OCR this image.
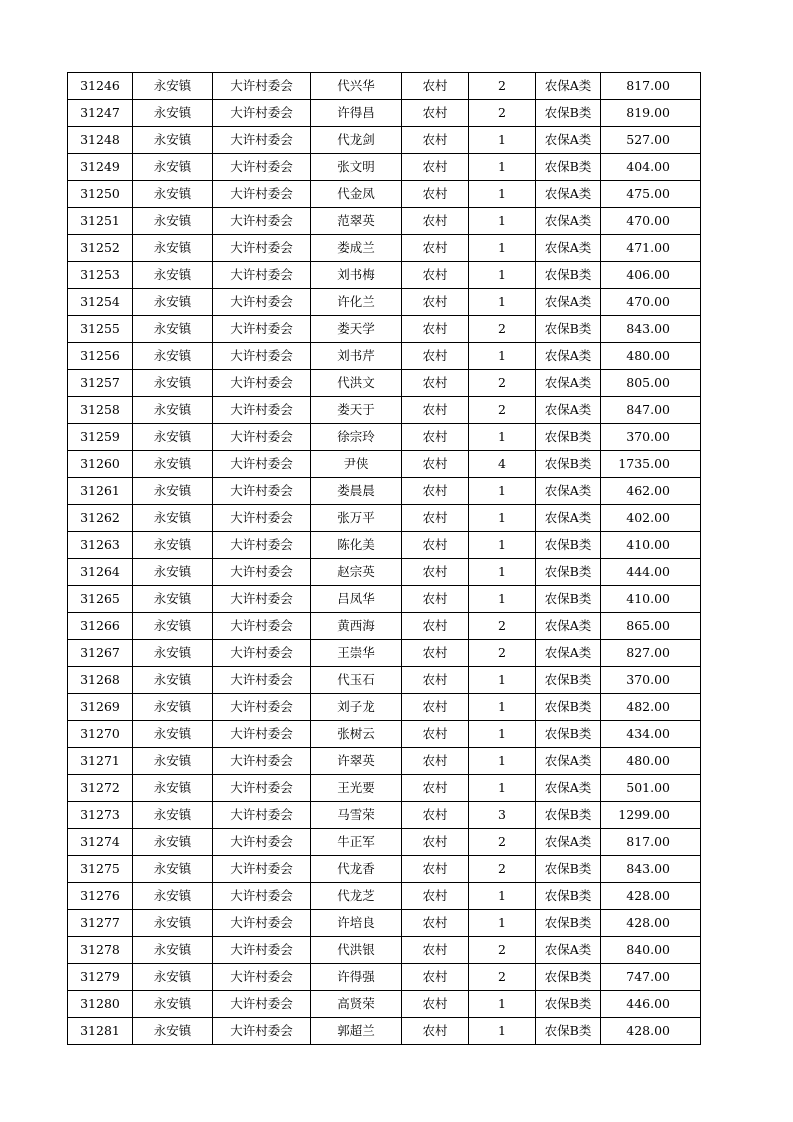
31246	永安镇	大许村委会	代兴华	农村	2	农保A类	817.00
31247	永安镇	大许村委会	许得昌	农村	2	农保B类	819.00
31248	永安镇	大许村委会	代龙剑	农村	1	农保A类	527.00
31249	永安镇	大许村委会	张文明	农村	1	农保B类	404.00
31250	永安镇	大许村委会	代金凤	农村	1	农保A类	475.00
31251	永安镇	大许村委会	范翠英	农村	1	农保A类	470.00
31252	永安镇	大许村委会	娄成兰	农村	1	农保A类	471.00
31253	永安镇	大许村委会	刘书梅	农村	1	农保B类	406.00
31254	永安镇	大许村委会	许化兰	农村	1	农保A类	470.00
31255	永安镇	大许村委会	娄天学	农村	2	农保B类	843.00
31256	永安镇	大许村委会	刘书芹	农村	1	农保A类	480.00
31257	永安镇	大许村委会	代洪文	农村	2	农保A类	805.00
31258	永安镇	大许村委会	娄天于	农村	2	农保A类	847.00
31259	永安镇	大许村委会	徐宗玲	农村	1	农保B类	370.00
31260	永安镇	大许村委会	尹侠	农村	4	农保B类	1735.00
31261	永安镇	大许村委会	娄晨晨	农村	1	农保A类	462.00
31262	永安镇	大许村委会	张万平	农村	1	农保A类	402.00
31263	永安镇	大许村委会	陈化美	农村	1	农保B类	410.00
31264	永安镇	大许村委会	赵宗英	农村	1	农保B类	444.00
31265	永安镇	大许村委会	吕凤华	农村	1	农保B类	410.00
31266	永安镇	大许村委会	黄西海	农村	2	农保A类	865.00
31267	永安镇	大许村委会	王崇华	农村	2	农保A类	827.00
31268	永安镇	大许村委会	代玉石	农村	1	农保B类	370.00
31269	永安镇	大许村委会	刘子龙	农村	1	农保B类	482.00
31270	永安镇	大许村委会	张树云	农村	1	农保B类	434.00
31271	永安镇	大许村委会	许翠英	农村	1	农保A类	480.00
31272	永安镇	大许村委会	王光要	农村	1	农保A类	501.00
31273	永安镇	大许村委会	马雪荣	农村	3	农保B类	1299.00
31274	永安镇	大许村委会	牛正军	农村	2	农保A类	817.00
31275	永安镇	大许村委会	代龙香	农村	2	农保B类	843.00
31276	永安镇	大许村委会	代龙芝	农村	1	农保B类	428.00
31277	永安镇	大许村委会	许培良	农村	1	农保B类	428.00
31278	永安镇	大许村委会	代洪银	农村	2	农保A类	840.00
31279	永安镇	大许村委会	许得强	农村	2	农保B类	747.00
31280	永安镇	大许村委会	高贤荣	农村	1	农保B类	446.00
31281	永安镇	大许村委会	郭超兰	农村	1	农保B类	428.00
